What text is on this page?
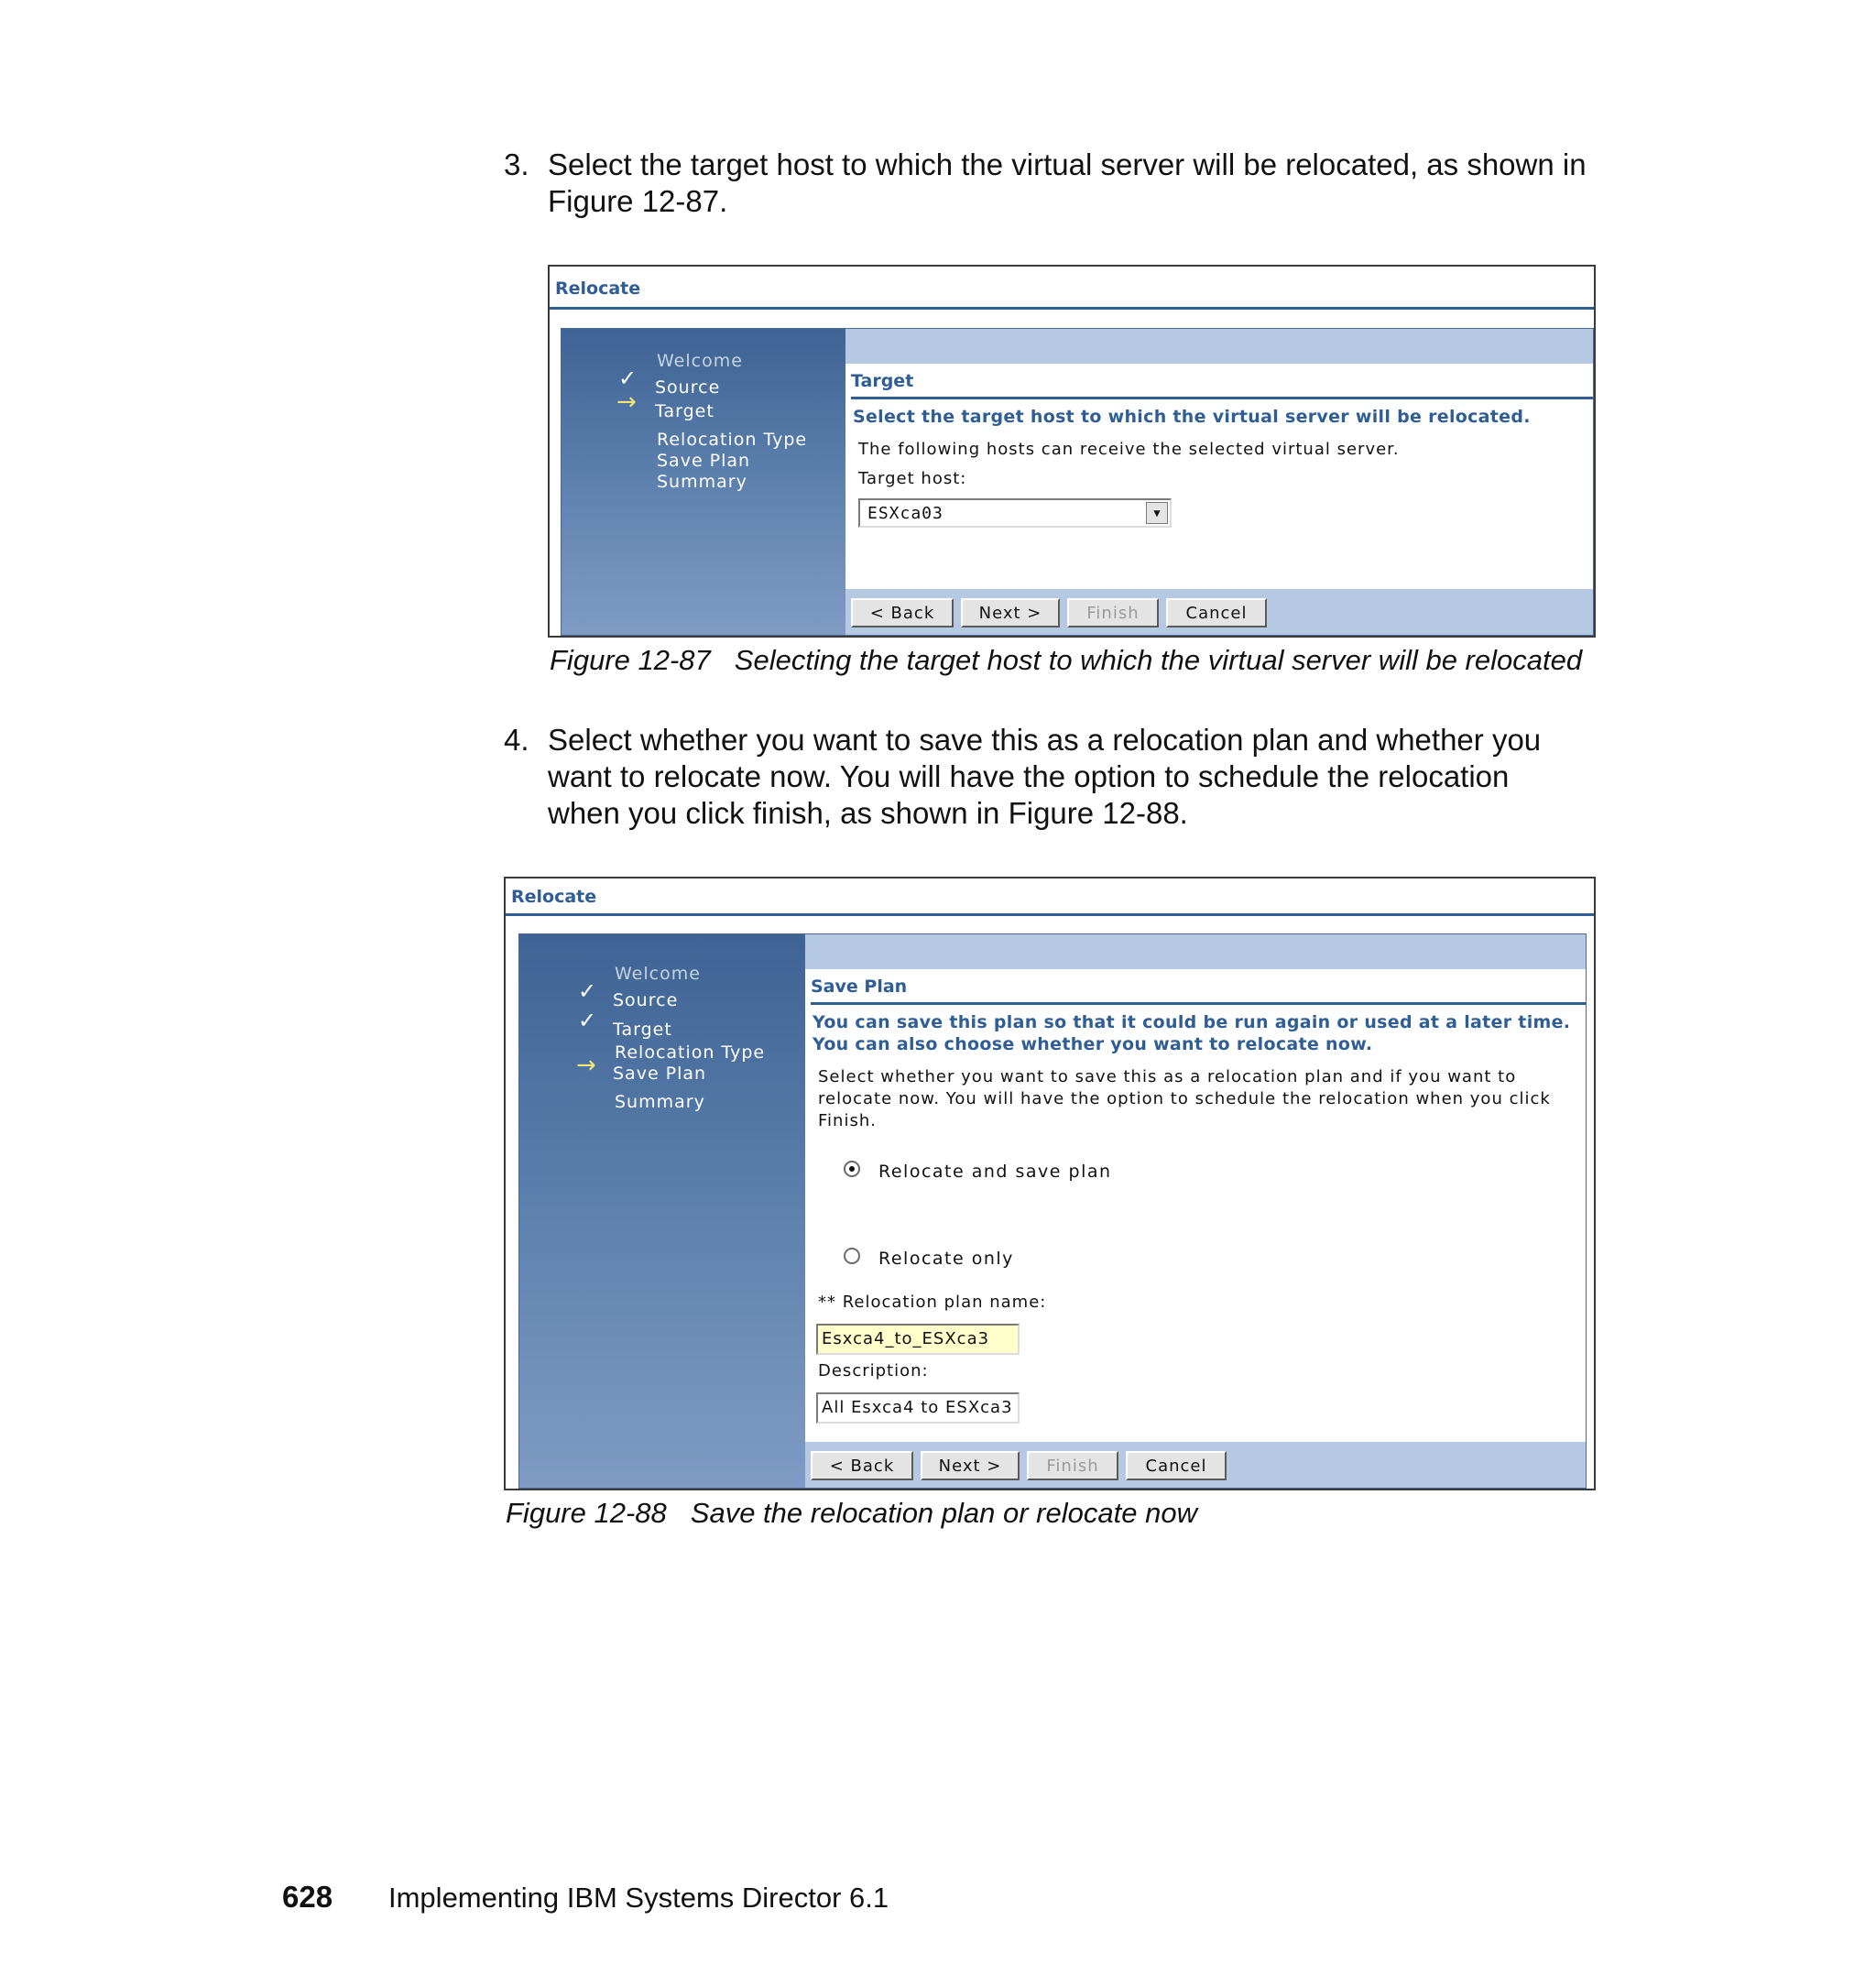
3. Select the target host to which the virtual server will be relocated, as shown in
Figure 12-87.
Relocate
Welcome
✓ Source
→ Target
Relocation Type
Save Plan
Summary
Target
Select the target host to which the virtual server will be relocated.
The following hosts can receive the selected virtual server.
Target host:
ESXca03	▼
< Back	Next >	Finish	Cancel
Figure 12-87 Selecting the target host to which the virtual server will be relocated
4. Select whether you want to save this as a relocation plan and whether you
want to relocate now. You will have the option to schedule the relocation
when you click finish, as shown in Figure 12-88.
Relocate
Welcome
✓ Source
✓ Target
Relocation Type
→ Save Plan
Summary
Save Plan
You can save this plan so that it could be run again or used at a later time.
You can also choose whether you want to relocate now.
Select whether you want to save this as a relocation plan and if you want to relocate now. You will have the option to schedule the relocation when you click Finish.
Relocate and save plan
Relocate only
** Relocation plan name:
Esxca4_to_ESXca3
Description:
All Esxca4 to ESXca3
< Back	Next >	Finish	Cancel
Figure 12-88 Save the relocation plan or relocate now
628 Implementing IBM Systems Director 6.1
